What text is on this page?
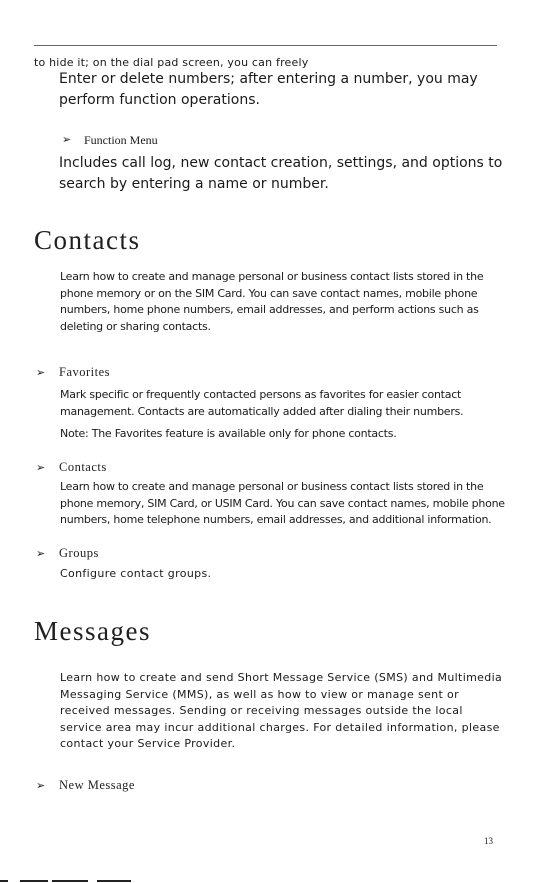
to hide it; on the dial pad screen, you can freely
Enter or delete numbers; after entering a number, you may perform function operations.
➢ Function Menu
Includes call log, new contact creation, settings, and options to search by entering a name or number.
Contacts
Learn how to create and manage personal or business contact lists stored in the phone memory or on the SIM Card. You can save contact names, mobile phone numbers, home phone numbers, email addresses, and perform actions such as deleting or sharing contacts.
➢ Favorites
Mark specific or frequently contacted persons as favorites for easier contact management. Contacts are automatically added after dialing their numbers.
Note: The Favorites feature is available only for phone contacts.
➢ Contacts
Learn how to create and manage personal or business contact lists stored in the phone memory, SIM Card, or USIM Card. You can save contact names, mobile phone numbers, home telephone numbers, email addresses, and additional information.
➢ Groups
Configure contact groups.
Messages
Learn how to create and send Short Message Service (SMS) and Multimedia Messaging Service (MMS), as well as how to view or manage sent or received messages. Sending or receiving messages outside the local service area may incur additional charges. For detailed information, please contact your Service Provider.
➢ New Message
13
